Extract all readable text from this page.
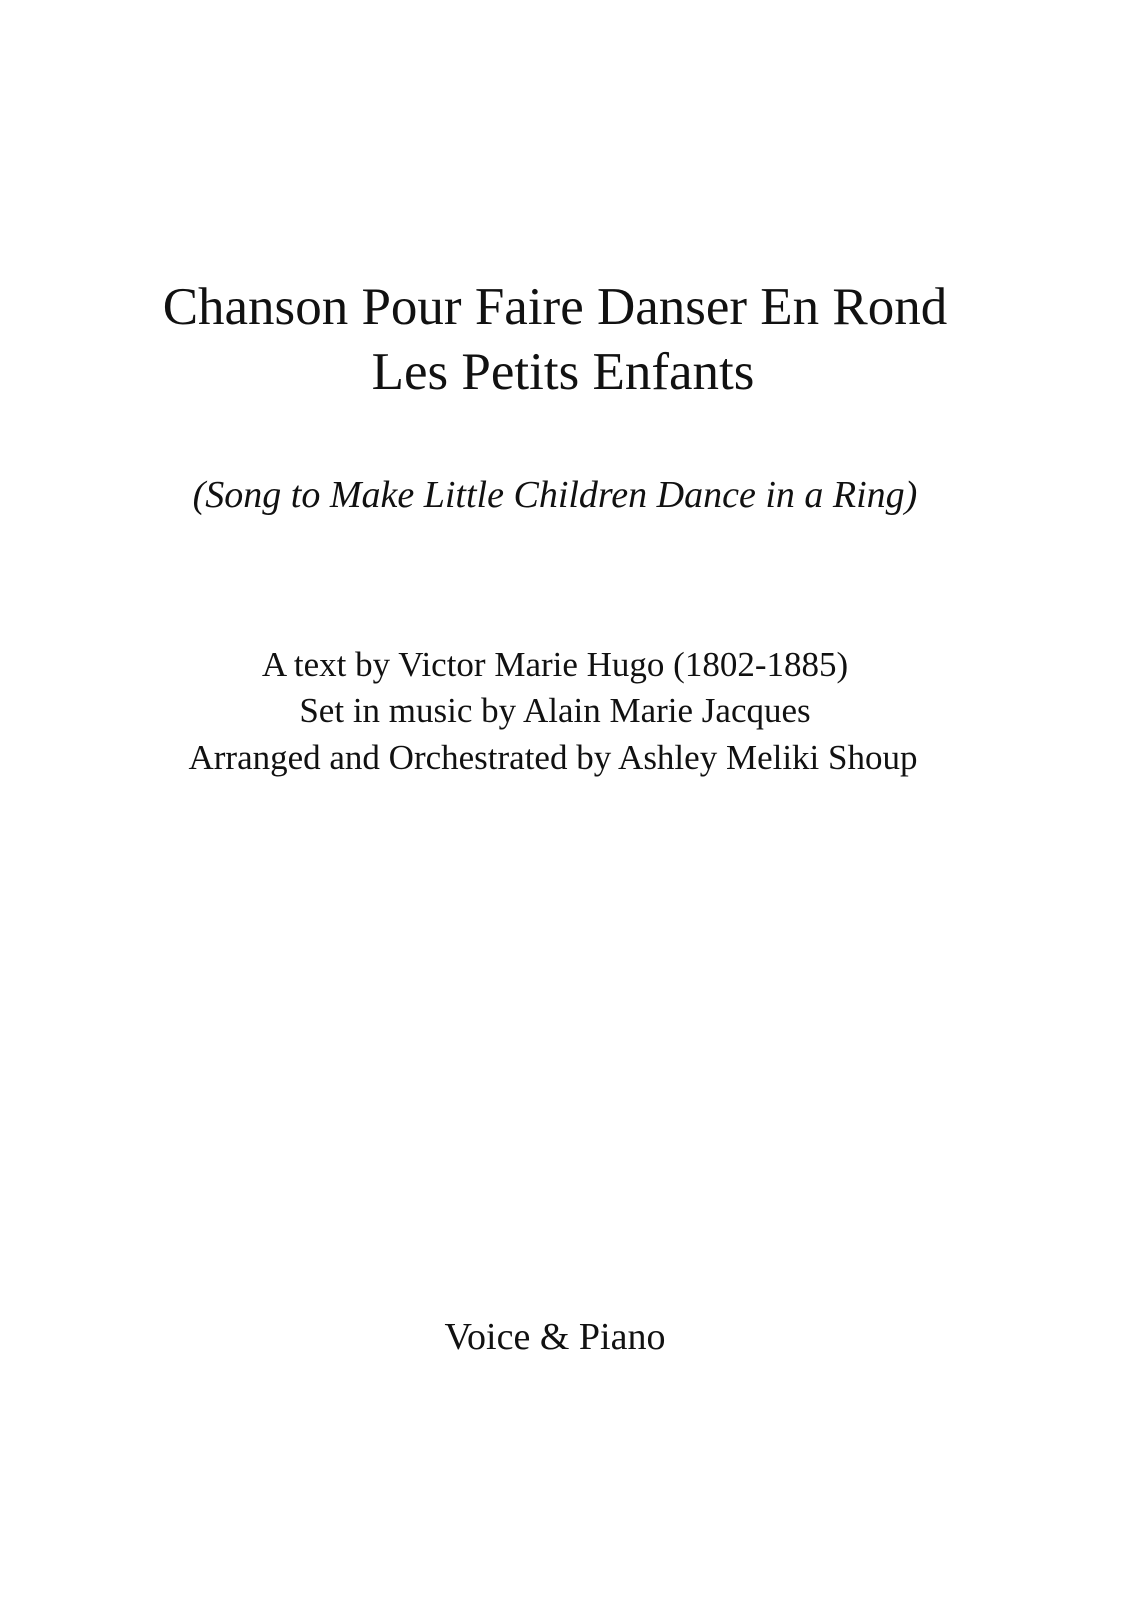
Chanson Pour Faire Danser En Rond
Les Petits Enfants
(Song to Make Little Children Dance in a Ring)
A text by Victor Marie Hugo (1802-1885)
Set in music by Alain Marie Jacques
Arranged and Orchestrated by Ashley Meliki Shoup
Voice & Piano
